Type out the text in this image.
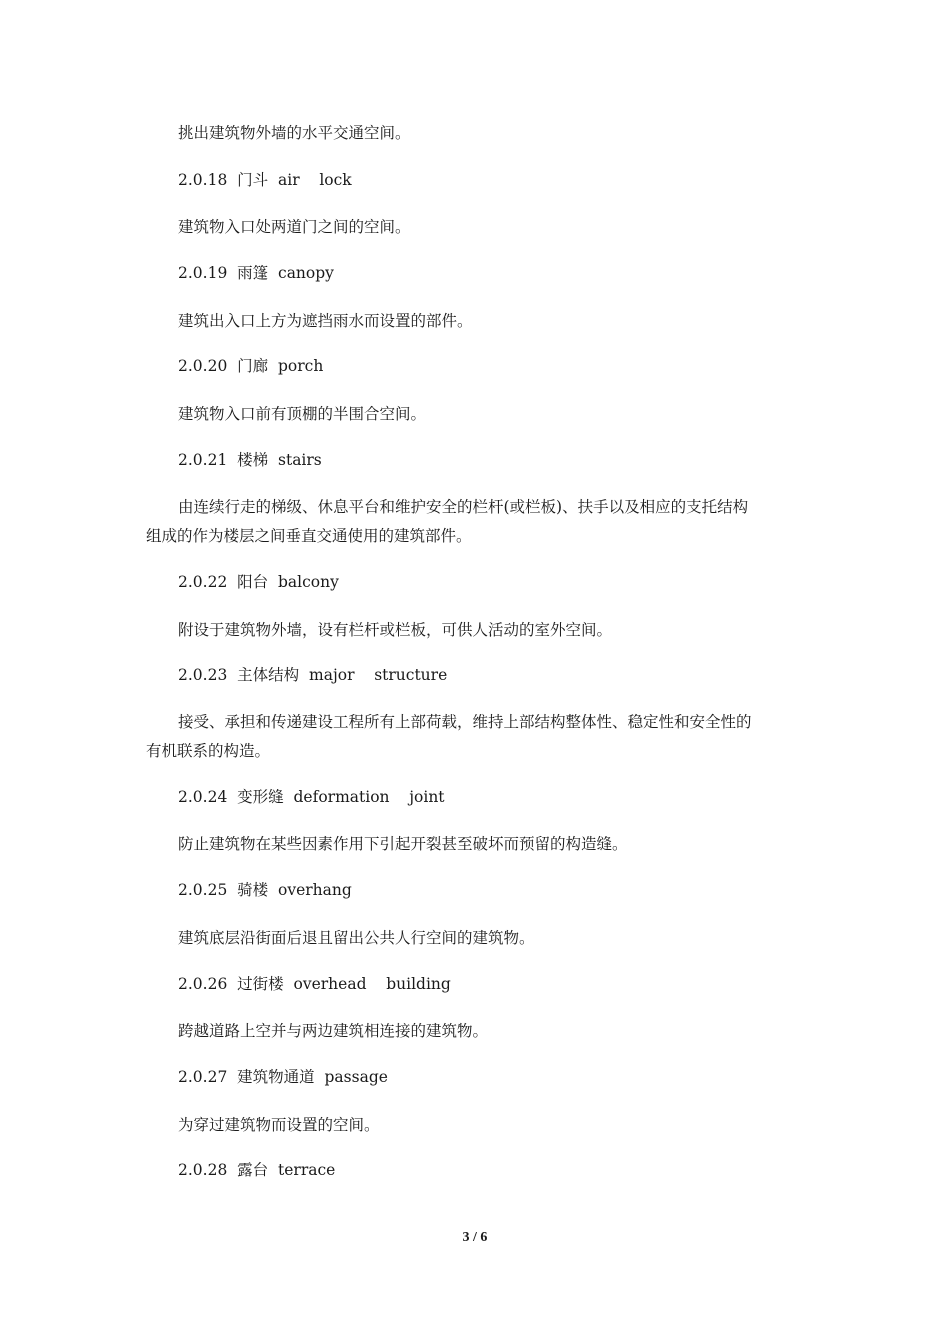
挑出建筑物外墙的水平交通空间。

2.0.18  门斗  air    lock

建筑物入口处两道门之间的空间。

2.0.19  雨篷  canopy

建筑出入口上方为遮挡雨水而设置的部件。

2.0.20  门廊  porch

建筑物入口前有顶棚的半围合空间。

2.0.21  楼梯  stairs

由连续行走的梯级、休息平台和维护安全的栏杆(或栏板)、扶手以及相应的支托结构

组成的作为楼层之间垂直交通使用的建筑部件。

2.0.22  阳台  balcony

附设于建筑物外墙，设有栏杆或栏板，可供人活动的室外空间。

2.0.23  主体结构  major    structure

接受、承担和传递建设工程所有上部荷载，维持上部结构整体性、稳定性和安全性的

有机联系的构造。

2.0.24  变形缝  deformation    joint

防止建筑物在某些因素作用下引起开裂甚至破坏而预留的构造缝。

2.0.25  骑楼  overhang

建筑底层沿街面后退且留出公共人行空间的建筑物。

2.0.26  过街楼  overhead    building

跨越道路上空并与两边建筑相连接的建筑物。

2.0.27  建筑物通道  passage

为穿过建筑物而设置的空间。

2.0.28  露台  terrace

3 / 6
